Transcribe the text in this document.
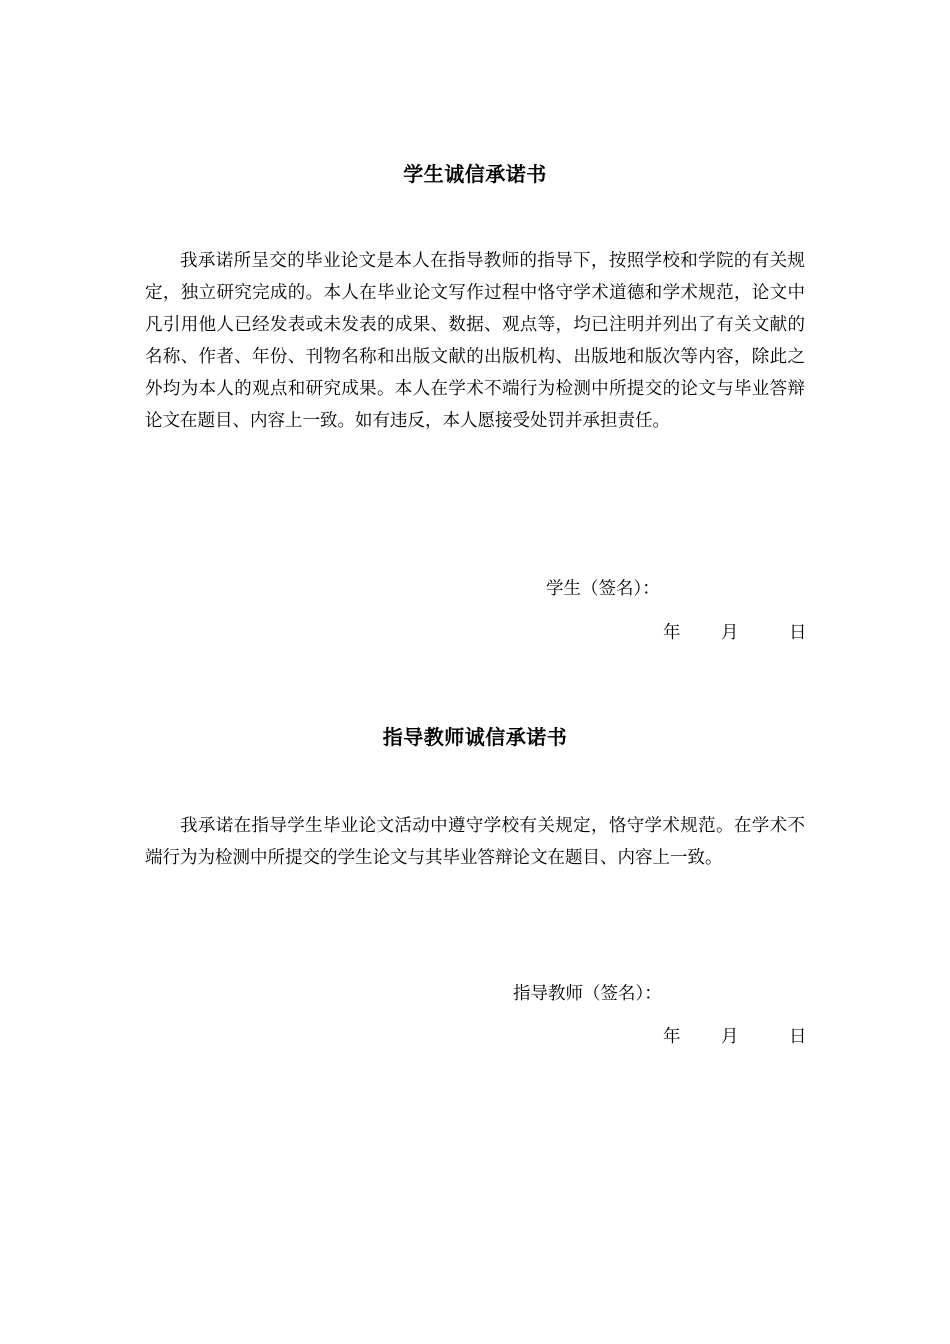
学生诚信承诺书

我承诺所呈交的毕业论文是本人在指导教师的指导下，按照学校和学院的有关规定，独立研究完成的。本人在毕业论文写作过程中恪守学术道德和学术规范，论文中凡引用他人已经发表或未发表的成果、数据、观点等，均已注明并列出了有关文献的名称、作者、年份、刊物名称和出版文献的出版机构、出版地和版次等内容，除此之外均为本人的观点和研究成果。本人在学术不端行为检测中所提交的论文与毕业答辩论文在题目、内容上一致。如有违反，本人愿接受处罚并承担责任。

学生（签名）：

年 月	日
指导教师诚信承诺书

我承诺在指导学生毕业论文活动中遵守学校有关规定，恪守学术规范。在学术不端行为为检测中所提交的学生论文与其毕业答辩论文在题目、内容上一致。

指导教师（签名）：

年 月	日
